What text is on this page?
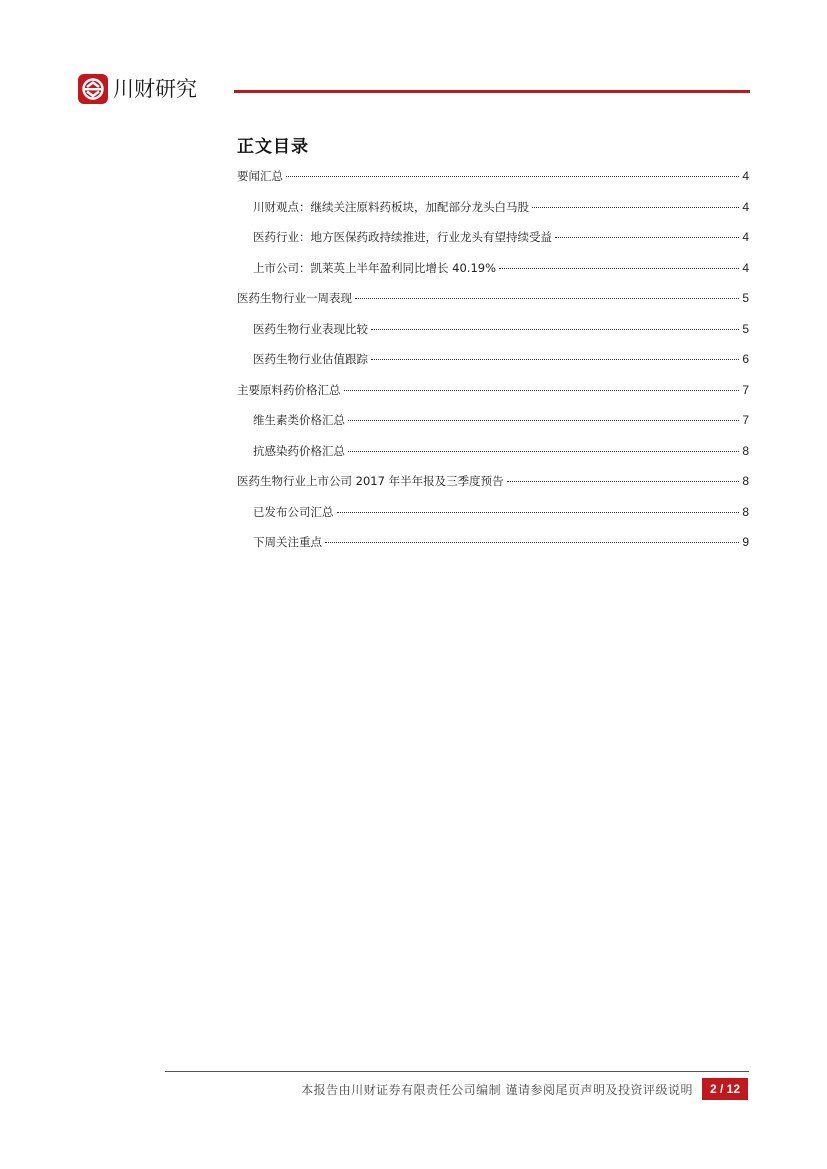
川财研究
正文目录
要闻汇总	4
川财观点：继续关注原料药板块，加配部分龙头白马股	4
医药行业：地方医保药政持续推进，行业龙头有望持续受益	4
上市公司：凯莱英上半年盈利同比增长 40.19%	4
医药生物行业一周表现	5
医药生物行业表现比较	5
医药生物行业估值跟踪	6
主要原料药价格汇总	7
维生素类价格汇总	7
抗感染药价格汇总	8
医药生物行业上市公司 2017 年半年报及三季度预告	8
已发布公司汇总	8
下周关注重点	9
本报告由川财证券有限责任公司编制 谨请参阅尾页声明及投资评级说明	2 / 12
